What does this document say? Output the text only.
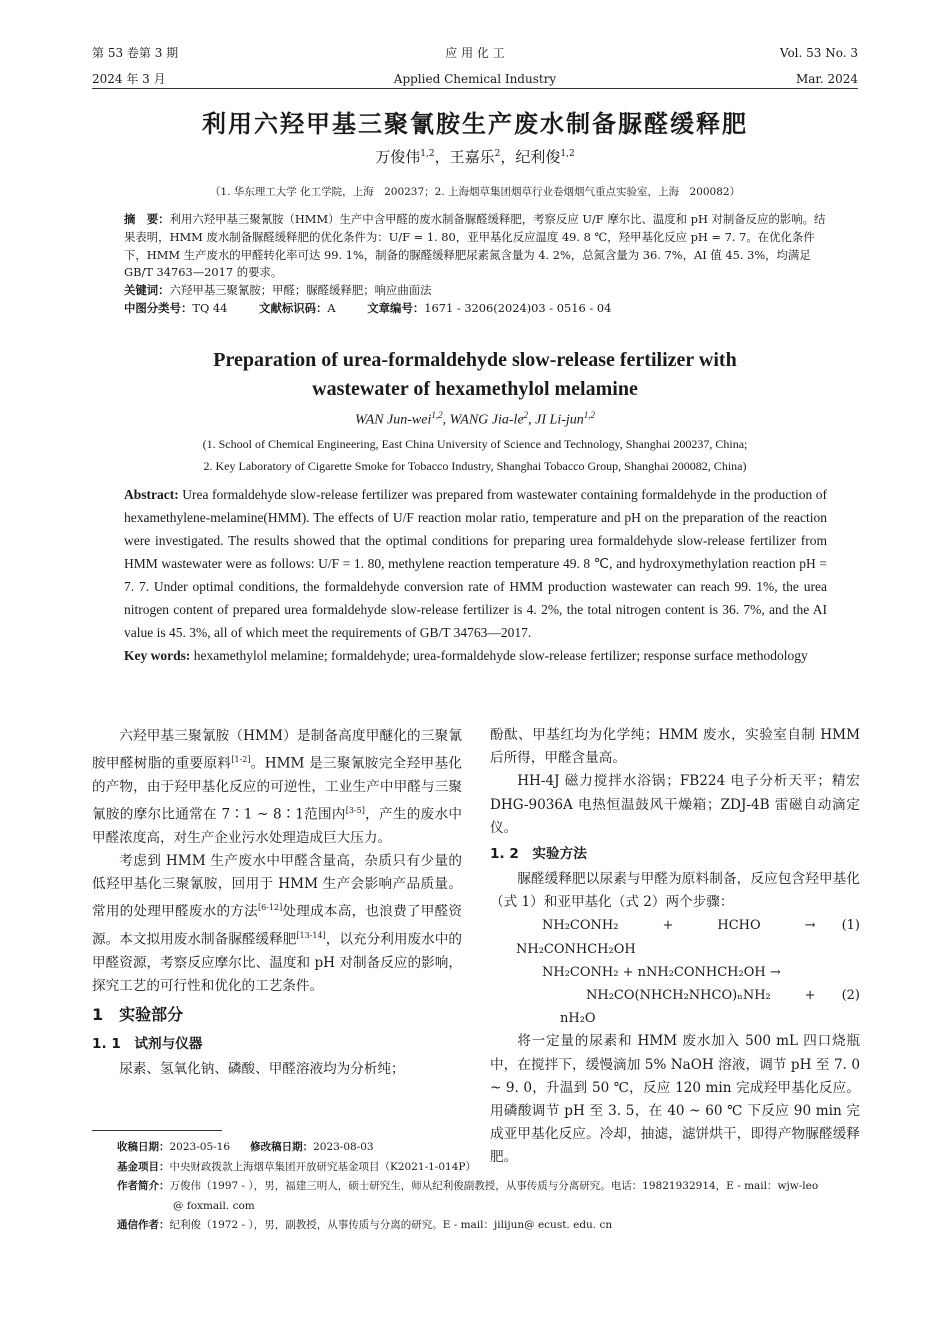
第 53 卷第 3 期
2024 年 3 月
应 用 化 工
Applied Chemical Industry
Vol. 53 No. 3
Mar. 2024
利用六羟甲基三聚氰胺生产废水制备脲醛缓释肥
万俊伟$^{1,2}$，王嘉乐$^2$，纪利俊$^{1,2}$
（1. 华东理工大学 化工学院，上海　200237；2. 上海烟草集团烟草行业卷烟烟气重点实验室，上海　200082）
摘　要：利用六羟甲基三聚氰胺（HMM）生产中含甲醛的废水制备脲醛缓释肥，考察反应 U/F 摩尔比、温度和 pH 对制备反应的影响。结果表明，HMM 废水制备脲醛缓释肥的优化条件为：U/F = 1. 80，亚甲基化反应温度 49. 8 ℃，羟甲基化反应 pH = 7. 7。在优化条件下，HMM 生产废水的甲醛转化率可达 99. 1%，制备的脲醛缓释肥尿素氮含量为 4. 2%，总氮含量为 36. 7%，AI 值 45. 3%，均满足 GB/T 34763—2017 的要求。
关键词：六羟甲基三聚氰胺；甲醛；脲醛缓释肥；响应曲面法
中图分类号：TQ 44	文献标识码：A	文章编号：1671 - 3206(2024)03 - 0516 - 04
Preparation of urea-formaldehyde slow-release fertilizer with
wastewater of hexamethylol melamine
WAN Jun-wei$^{1,2}$, WANG Jia-$le^2$, JI Li-jun$^{1,2}$
(1. School of Chemical Engineering, East China University of Science and Technology, Shanghai 200237, China;
2. Key Laboratory of Cigarette Smoke for Tobacco Industry, Shanghai Tobacco Group, Shanghai 200082, China)
Abstract: Urea formaldehyde slow-release fertilizer was prepared from wastewater containing formaldehyde in the production of hexamethylene-melamine(HMM). The effects of U/F reaction molar ratio, temperature and pH on the preparation of the reaction were investigated. The results showed that the optimal conditions for preparing urea formaldehyde slow-release fertilizer from HMM wastewater were as follows: U/F = 1. 80, methylene reaction temperature 49. 8 ℃, and hydroxymethylation reaction pH = 7. 7. Under optimal conditions, the formaldehyde conversion rate of HMM production wastewater can reach 99. 1%, the urea nitrogen content of prepared urea formaldehyde slow-release fertilizer is 4. 2%, the total nitrogen content is 36. 7%, and the AI value is 45. 3%, all of which meet the requirements of GB/T 34763—2017.
Key words: hexamethylol melamine; formaldehyde; urea-formaldehyde slow-release fertilizer; response surface methodology

六羟甲基三聚氰胺（HMM）是制备高度甲醚化的三聚氰胺甲醛树脂的重要原料[1-2]。HMM 是三聚氰胺完全羟甲基化的产物，由于羟甲基化反应的可逆性，工业生产中甲醛与三聚氰胺的摩尔比通常在 7∶1 ~ 8∶1范围内[3-5]，产生的废水中甲醛浓度高，对生产企业污水处理造成巨大压力。

考虑到 HMM 生产废水中甲醛含量高，杂质只有少量的低羟甲基化三聚氰胺，回用于 HMM 生产会影响产品质量。常用的处理甲醛废水的方法[6-12]处理成本高，也浪费了甲醛资源。本文拟用废水制备脲醛缓释肥[13-14]，以充分利用废水中的甲醛资源，考察反应摩尔比、温度和 pH 对制备反应的影响，探究工艺的可行性和优化的工艺条件。

1　实验部分
1. 1　试剂与仪器

尿素、氢氧化钠、磷酸、甲醛溶液均为分析纯；

酚酞、甲基红均为化学纯；HMM 废水，实验室自制 HMM 后所得，甲醛含量高。

HH-4J 磁力搅拌水浴锅；FB224 电子分析天平；精宏 DHG-9036A 电热恒温鼓风干燥箱；ZDJ-4B 雷磁自动滴定仪。

1. 2　实验方法

脲醛缓释肥以尿素与甲醛为原料制备，反应包含羟甲基化（式 1）和亚甲基化（式 2）两个步骤：

NH₂CONH₂ + HCHO → NH₂CONHCH₂OH
(1)

NH₂CONH₂ + nNH₂CONHCH₂OH →

NH₂CO(NHCH₂NHCO)ₙNH₂ + nH₂O
(2)

将一定量的尿素和 HMM 废水加入 500 mL 四口烧瓶中，在搅拌下，缓慢滴加 5% NaOH 溶液，调节 pH 至 7. 0 ~ 9. 0，升温到 50 ℃，反应 120 min 完成羟甲基化反应。用磷酸调节 pH 至 3. 5，在 40 ~ 60 ℃ 下反应 90 min 完成亚甲基化反应。冷却，抽滤，滤饼烘干，即得产物脲醛缓释肥。

收稿日期：2023-05-16 修改稿日期：2023-08-03
基金项目：中央财政拨款上海烟草集团开放研究基金项目（K2021-1-014P）
作者简介：万俊伟（1997 - ），男，福建三明人，硕士研究生，师从纪利俊副教授，从事传质与分离研究。电话：19821932914，E - mail：wjw-leo
@ foxmail. com
通信作者：纪利俊（1972 - ），男，副教授，从事传质与分离的研究。E - mail：jilijun@ ecust. edu. cn
